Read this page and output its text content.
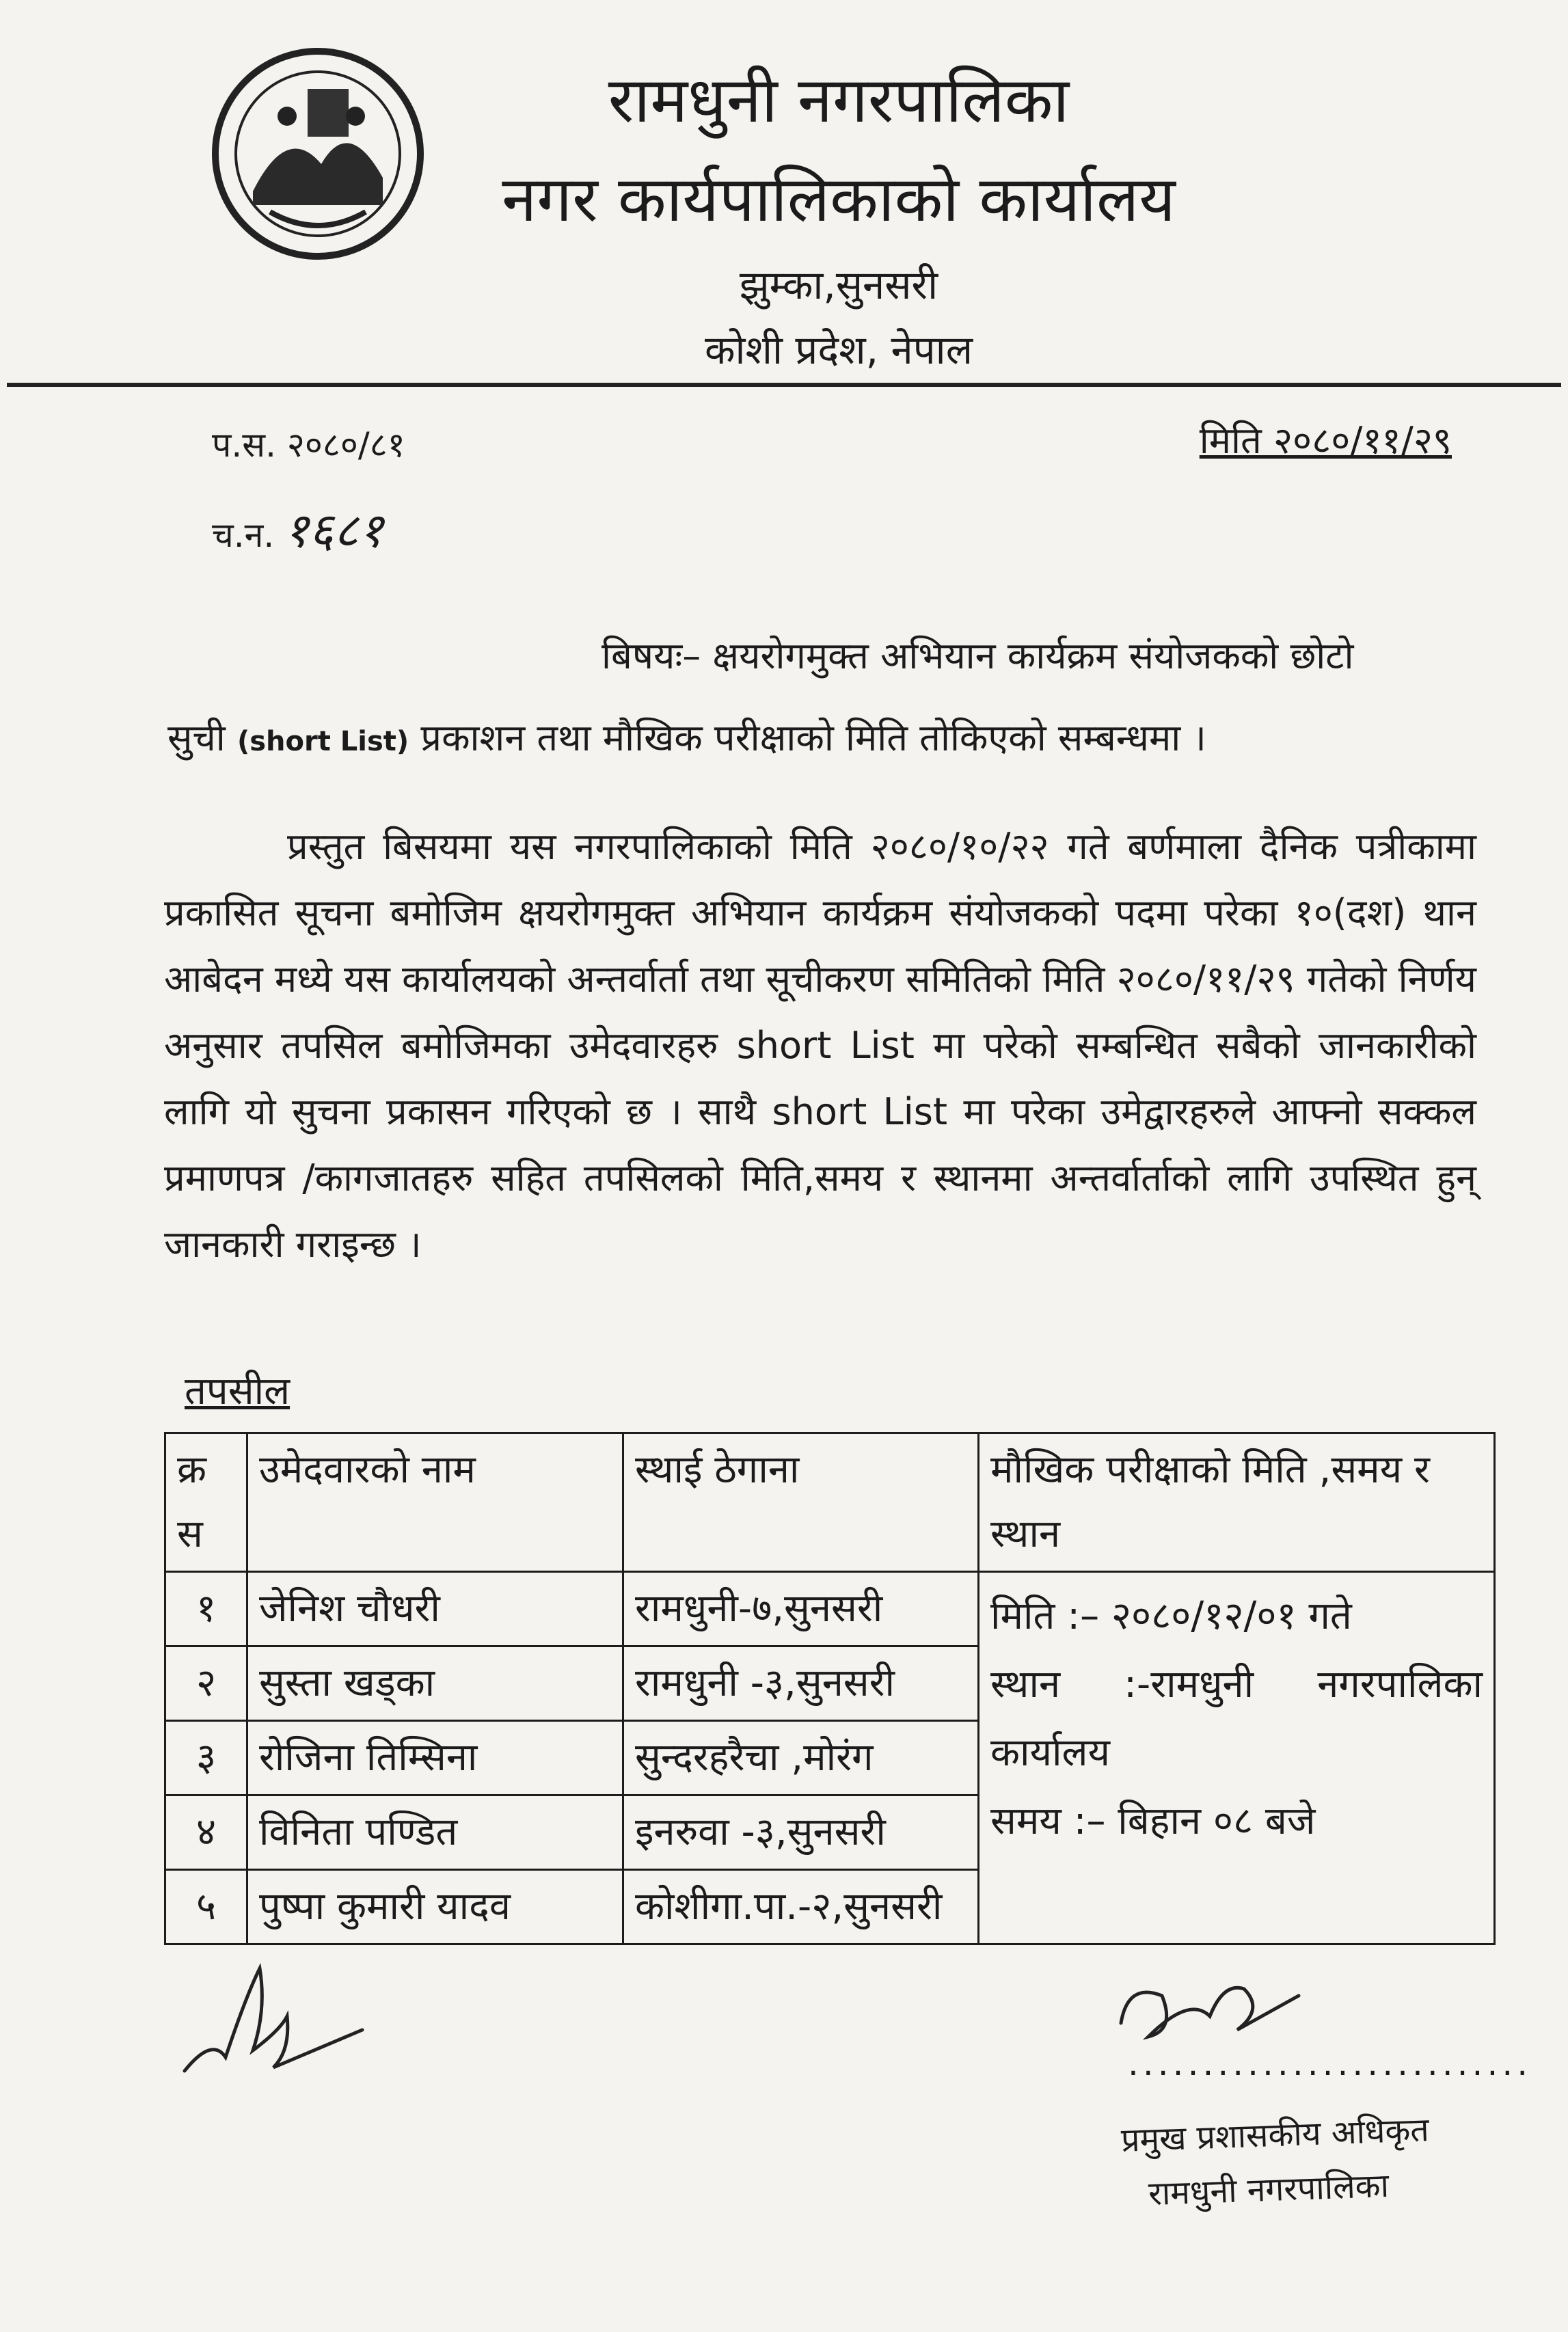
रामधुनी नगरपालिका
नगर कार्यपालिकाको कार्यालय
झुम्का,सुनसरी
कोशी प्रदेश, नेपाल
प.स. २०८०/८१
च.न. १६८१
मिति २०८०/११/२९
बिषयः– क्षयरोगमुक्त अभियान कार्यक्रम संयोजकको छोटो
सुची (short List) प्रकाशन तथा मौखिक परीक्षाको मिति तोकिएको सम्बन्धमा ।
प्रस्तुत बिसयमा यस नगरपालिकाको मिति २०८०/१०/२२ गते बर्णमाला दैनिक पत्रीकामा प्रकासित सूचना बमोजिम क्षयरोगमुक्त अभियान कार्यक्रम संयोजकको पदमा परेका १०(दश) थान आबेदन मध्ये यस कार्यालयको अन्तर्वार्ता तथा सूचीकरण समितिको मिति २०८०/११/२९ गतेको निर्णय अनुसार तपसिल बमोजिमका उमेदवारहरु short List मा परेको सम्बन्धित सबैको जानकारीको लागि यो सुचना प्रकासन गरिएको छ । साथै short List मा परेका उमेद्वारहरुले आफ्नो सक्कल प्रमाणपत्र /कागजातहरु सहित तपसिलको मिति,समय र स्थानमा अन्तर्वार्ताको लागि उपस्थित हुन् जानकारी गराइन्छ ।
तपसील
क्र स	उमेदवारको नाम	स्थाई ठेगाना	मौखिक परीक्षाको मिति ,समय र स्थान
१	जेनिश चौधरी	रामधुनी-७,सुनसरी	मिति :– २०८०/१२/०१ गते
स्थान :-रामधुनी नगरपालिका कार्यालय
समय :– बिहान ०८ बजे

२	सुस्ता खड्का	रामधुनी -३,सुनसरी	
३	रोजिना तिम्सिना	सुन्दरहरैचा ,मोरंग	
४	विनिता पण्डित	इनरुवा -३,सुनसरी	
५	पुष्पा कुमारी यादव	कोशीगा.पा.-२,सुनसरी	
...........................
प्रमुख प्रशासकीय अधिकृत
रामधुनी नगरपालिका
